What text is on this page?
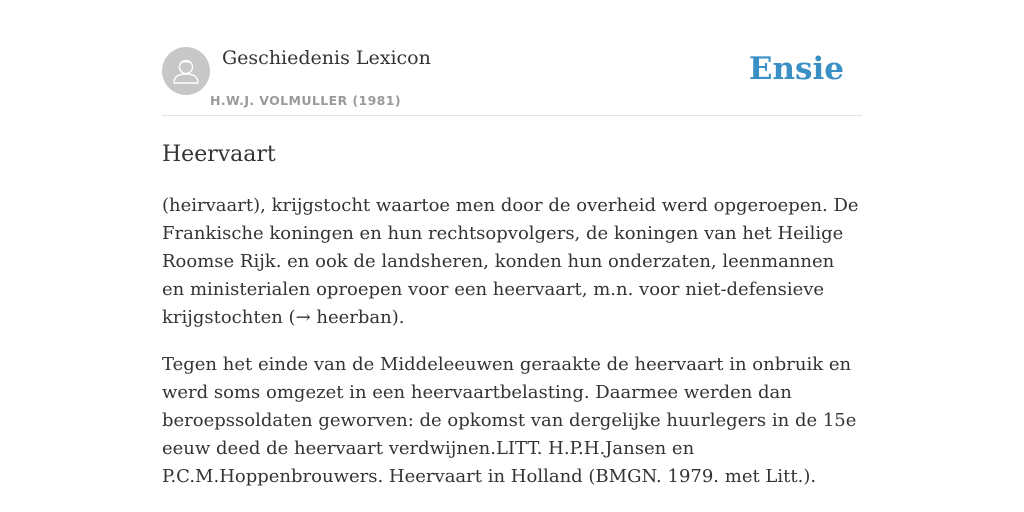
Geschiedenis Lexicon
H.W.J. VOLMULLER (1981)
Ensie
Heervaart

(heirvaart), krijgstocht waartoe men door de overheid werd opgeroepen. De Frankische koningen en hun rechtsopvolgers, de koningen van het Heilige Roomse Rijk. en ook de landsheren, konden hun onderzaten, leenmannen en ministerialen oproepen voor een heervaart, m.n. voor niet-defensieve krijgstochten (→ heerban).

Tegen het einde van de Middeleeuwen geraakte de heervaart in onbruik en werd soms omgezet in een heervaartbelasting. Daarmee werden dan beroepssoldaten geworven: de opkomst van dergelijke huurlegers in de 15e eeuw deed de heervaart verdwijnen.LITT. H.P.H.Jansen en P.C.M.Hoppenbrouwers. Heervaart in Holland (BMGN. 1979. met Litt.).
